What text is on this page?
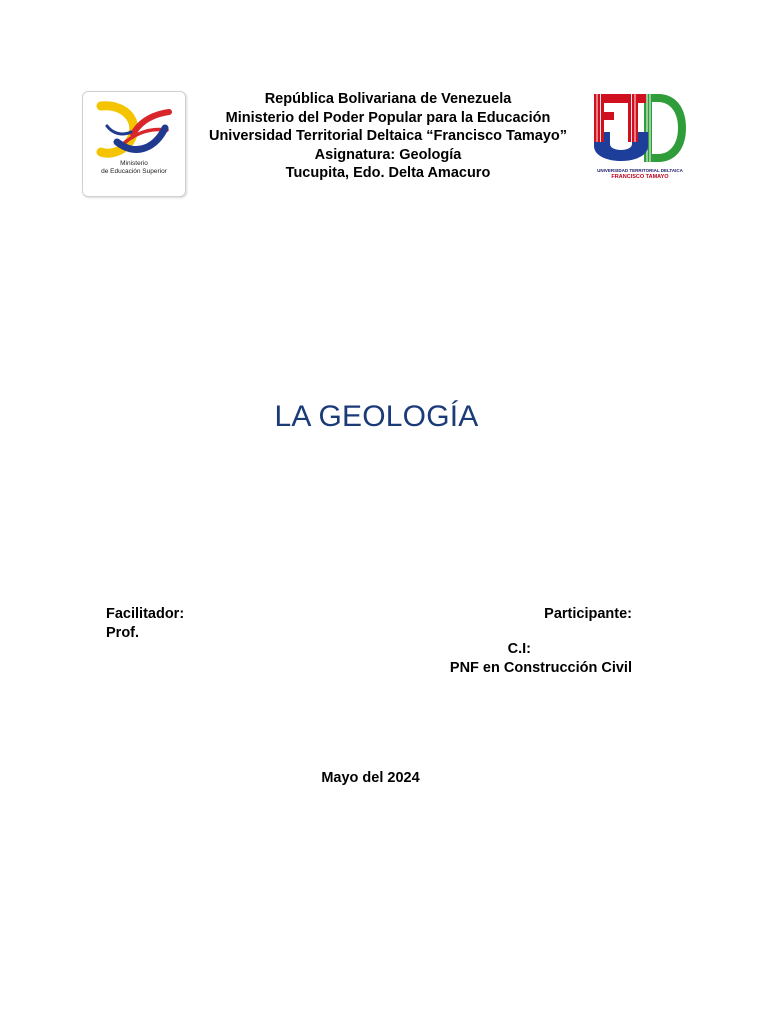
Ministerio
de Educación Superior
República Bolivariana de Venezuela
Ministerio del Poder Popular para la Educación
Universidad Territorial Deltaica “Francisco Tamayo”
Asignatura: Geología
Tucupita, Edo. Delta Amacuro	UNIVERSIDAD TERRITORIAL DELTAICA
FRANCISCO TAMAYO
LA GEOLOGÍA
Facilitador:
Prof.
Participante:
C.I:
PNF en Construcción Civil
Mayo del 2024
